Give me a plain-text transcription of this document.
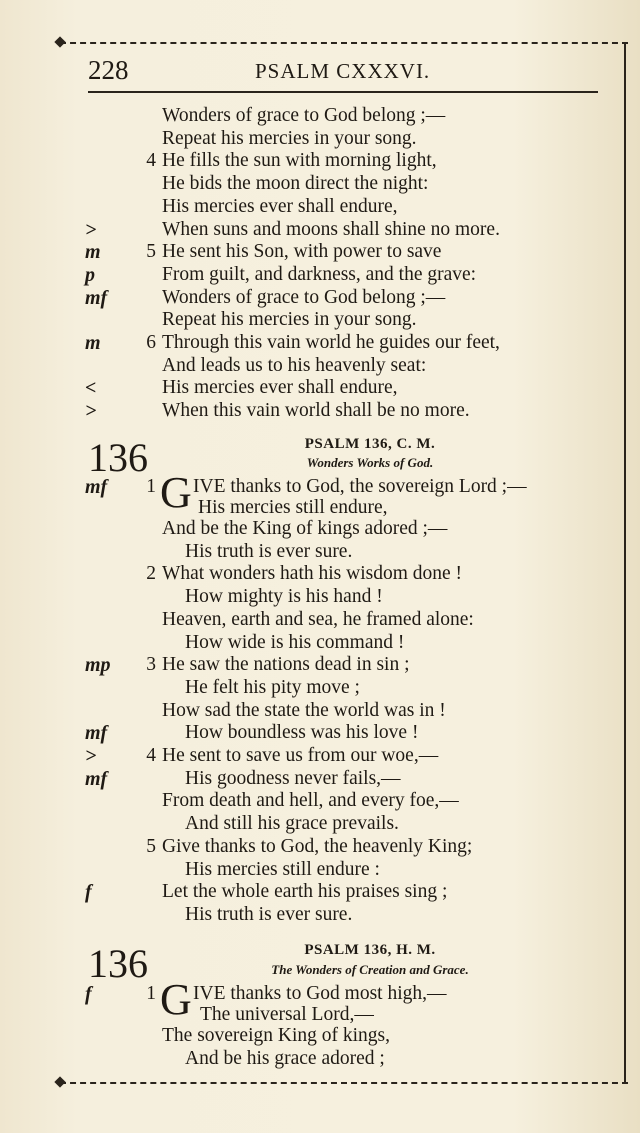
228	PSALM CXXXVI.
Wonders of grace to God belong ;—
Repeat his mercies in your song.
4 He fills the sun with morning light,
He bids the moon direct the night:
His mercies ever shall endure,
>	When suns and moons shall shine no more.
m	5 He sent his Son, with power to save
p	From guilt, and darkness, and the grave:
mf	Wonders of grace to God belong ;—
Repeat his mercies in your song.
m	6 Through this vain world he guides our feet,
And leads us to his heavenly seat:
<	His mercies ever shall endure,
>	When this vain world shall be no more.
136	PSALM 136, C. M.
Wonders Works of God.
mf	1 G IVE thanks to God, the sovereign Lord ;—
His mercies still endure,
And be the King of kings adored ;—
His truth is ever sure.
2 What wonders hath his wisdom done !
How mighty is his hand !
Heaven, earth and sea, he framed alone:
How wide is his command !
mp	3 He saw the nations dead in sin ;
He felt his pity move ;
How sad the state the world was in !
mf	How boundless was his love !
>	4 He sent to save us from our woe,—
mf	His goodness never fails,—
From death and hell, and every foe,—
And still his grace prevails.
5 Give thanks to God, the heavenly King;
His mercies still endure :
f	Let the whole earth his praises sing ;
His truth is ever sure.
136	PSALM 136, H. M.
The Wonders of Creation and Grace.
f	1 G IVE thanks to God most high,—
The universal Lord,—
The sovereign King of kings,
And be his grace adored ;
